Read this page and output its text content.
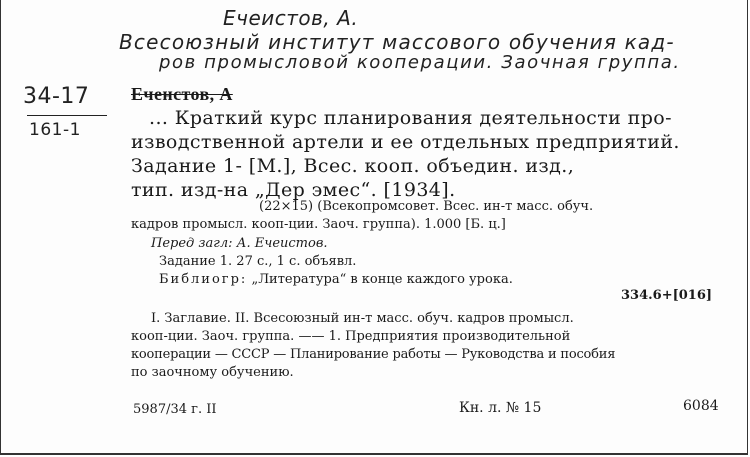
Ечеистов, А.
Всесоюзный институт массового обучения кад-
ров промысловой кооперации. Заочная группа.
34-17
161-1
Еченстов, А
... Краткий курс планирования деятельности про-
изводственной артели и ее отдельных предприятий.
Задание 1- [М.], Всес. кооп. объедин. изд.,
тип. изд-на „Дер эмес“. [1934].
(22×15) (Всекопромсовет. Всес. ин-т масс. обуч.
кадров промысл. кооп-ции. Заоч. группа). 1.000 [Б. ц.]
Перед загл: А. Ечеистов.
Задание 1. 27 с., 1 с. объявл.
Библиогр: „Литература“ в конце каждого урока.
334.6+[016]
I. Заглавие. II. Всесоюзный ин-т масс. обуч. кадров промысл.
кооп-ции. Заоч. группа. —— 1. Предприятия производительной
кооперации — СССР — Планирование работы — Руководства и пособия
по заочному обучению.
5987/34 г. II	Кн. л. № 15	6084
